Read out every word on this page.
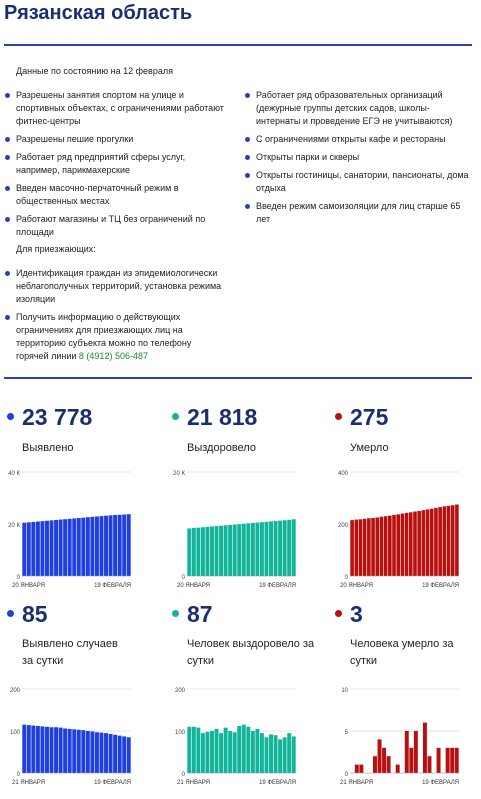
Рязанская область
Данные по состоянию на 12 февраля
Разрешены занятия спортом на улице и спортивных объектах, с ограничениями работают фитнес-центры
Разрешены пешие прогулки
Работает ряд предприятий сферы услуг, например, парикмахерские
Введен масочно-перчаточный режим в общественных местах
Работают магазины и ТЦ без ограничений по площади
Работает ряд образовательных организаций (дежурные группы детских садов, школы-интернаты и проведение ЕГЭ не учитываются)
С ограничениями открыты кафе и рестораны
Открыты парки и скверы
Открыты гостиницы, санатории, пансионаты, дома отдыха
Введен режим самоизоляции для лиц старше 65 лет
Для приезжающих:
Идентификация граждан из эпидемиологически неблагополучных территорий, установка режима изоляции
Получить информацию о действующих ограничениях для приезжающих лиц на территорию субъекта можно по телефону горячей линии 8 (4912) 506-487
23 778
Выявлено
0
20 К
40 К
20 ЯНВАРЯ	19 ФЕВРАЛЯ
21 818
Выздоровело
0
20 К
20 ЯНВАРЯ	19 ФЕВРАЛЯ
275
Умерло
0
200
400
20 ЯНВАРЯ	19 ФЕВРАЛЯ
85
Выявлено случаев за сутки
0
100
200
21 ЯНВАРЯ	19 ФЕВРАЛЯ
87
Человек выздоровело за сутки
0
100
200
21 ЯНВАРЯ	19 ФЕВРАЛЯ
3
Человека умерло за сутки
0
5
10
21 ЯНВАРЯ	19 ФЕВРАЛЯ
